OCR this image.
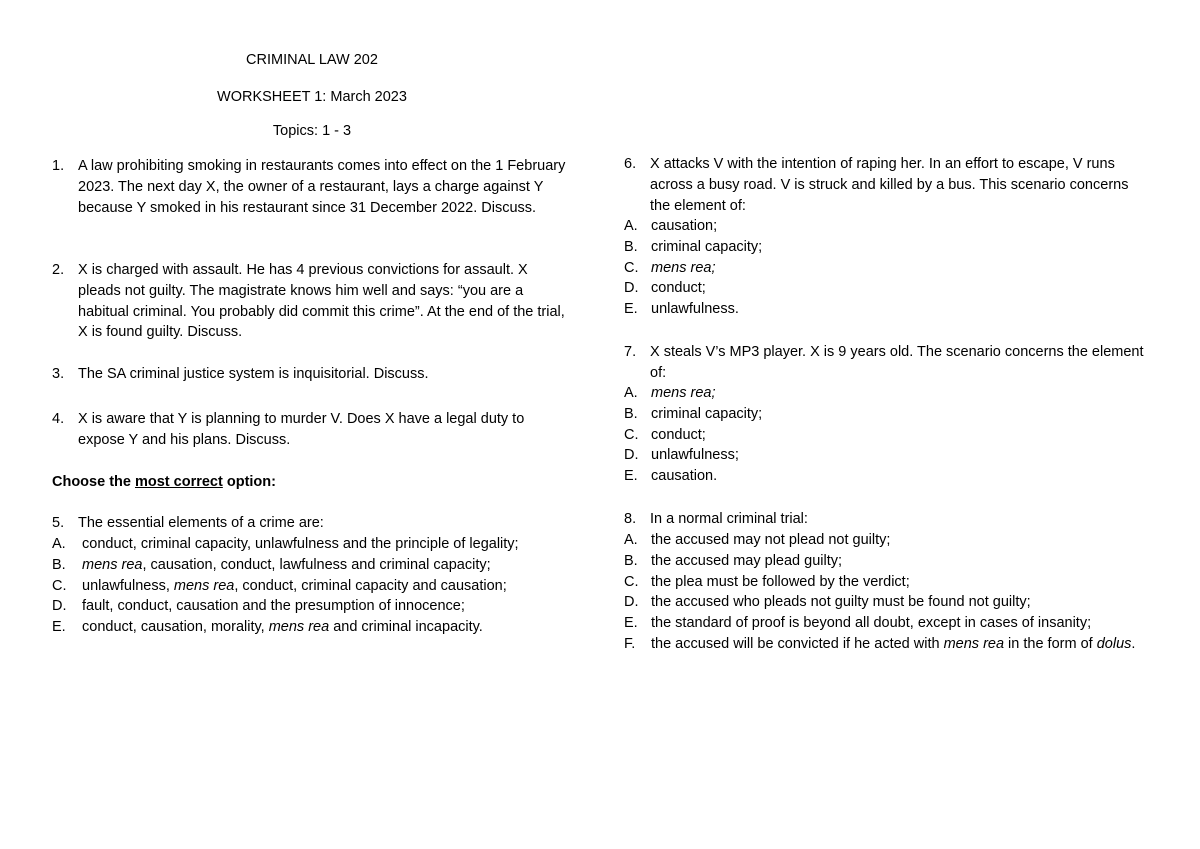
CRIMINAL LAW 202
WORKSHEET 1: March 2023
Topics: 1 - 3
1. A law prohibiting smoking in restaurants comes into effect on the 1 February 2023. The next day X, the owner of a restaurant, lays a charge against Y because Y smoked in his restaurant since 31 December 2022. Discuss.
2. X is charged with assault. He has 4 previous convictions for assault. X pleads not guilty. The magistrate knows him well and says: “you are a habitual criminal. You probably did commit this crime”. At the end of the trial, X is found guilty. Discuss.
3. The SA criminal justice system is inquisitorial. Discuss.
4. X is aware that Y is planning to murder V. Does X have a legal duty to expose Y and his plans. Discuss.
Choose the most correct option:
5. The essential elements of a crime are:
A.	conduct, criminal capacity, unlawfulness and the principle of legality;
B.	mens rea, causation, conduct, lawfulness and criminal capacity;
C.	unlawfulness, mens rea, conduct, criminal capacity and causation;
D.	fault, conduct, causation and the presumption of innocence;
E.	conduct, causation, morality, mens rea and criminal incapacity.
6. X attacks V with the intention of raping her. In an effort to escape, V runs across a busy road. V is struck and killed by a bus. This scenario concerns the element of:
A. causation;
B. criminal capacity;
C. mens rea;
D. conduct;
E. unlawfulness.
7. X steals V’s MP3 player. X is 9 years old. The scenario concerns the element of:
A. mens rea;
B. criminal capacity;
C. conduct;
D. unlawfulness;
E. causation.
8. In a normal criminal trial:
A. the accused may not plead not guilty;
B. the accused may plead guilty;
C. the plea must be followed by the verdict;
D. the accused who pleads not guilty must be found not guilty;
E. the standard of proof is beyond all doubt, except in cases of insanity;
F.	the accused will be convicted if he acted with mens rea in the form of dolus.
